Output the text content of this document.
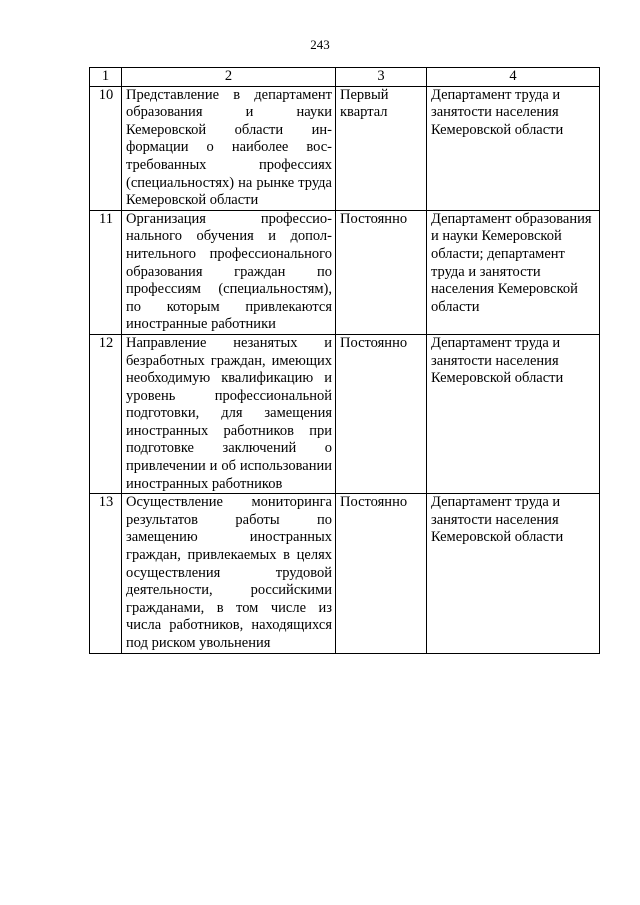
243
1	2	3	4
10	Представление в департамент образования и науки Кемеровской области ин-формации о наиболее вос-требованных профессиях (специальностях) на рынке труда Кемеровской области	Первый квартал	Департамент труда и занятости населения Кемеровской области
11	Организация профессио-нального обучения и допол-нительного профессионального образования граждан по профессиям (специальностям), по которым привлекаются иностранные работники	Постоянно	Департамент образования и науки Кемеровской области; департамент труда и занятости населения Кемеровской области
12	Направление незанятых и безработных граждан, имеющих необходимую квалификацию и уровень профессиональной подготовки, для замещения иностранных работников при подготовке заключений о привлечении и об использовании иностранных работников	Постоянно	Департамент труда и занятости населения Кемеровской области
13	Осуществление мониторинга результатов работы по замещению иностранных граждан, привлекаемых в целях осуществления трудовой деятельности, российскими гражданами, в том числе из числа работников, находящихся под риском увольнения	Постоянно	Департамент труда и занятости населения Кемеровской области
